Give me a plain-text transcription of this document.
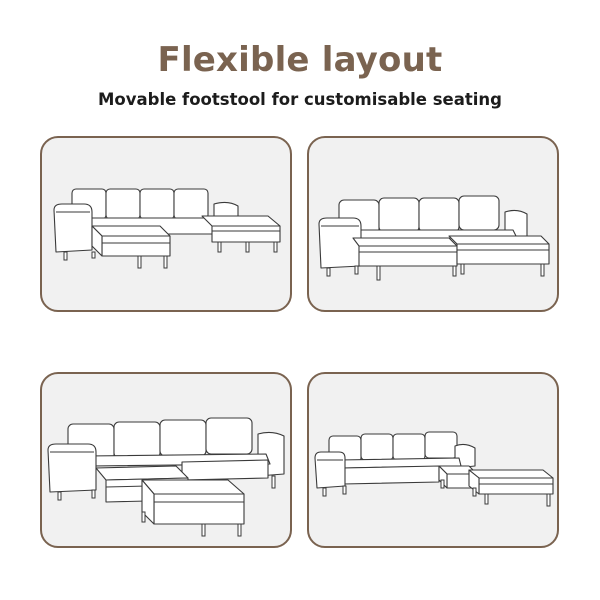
Flexible layout
Movable footstool for customisable seating
